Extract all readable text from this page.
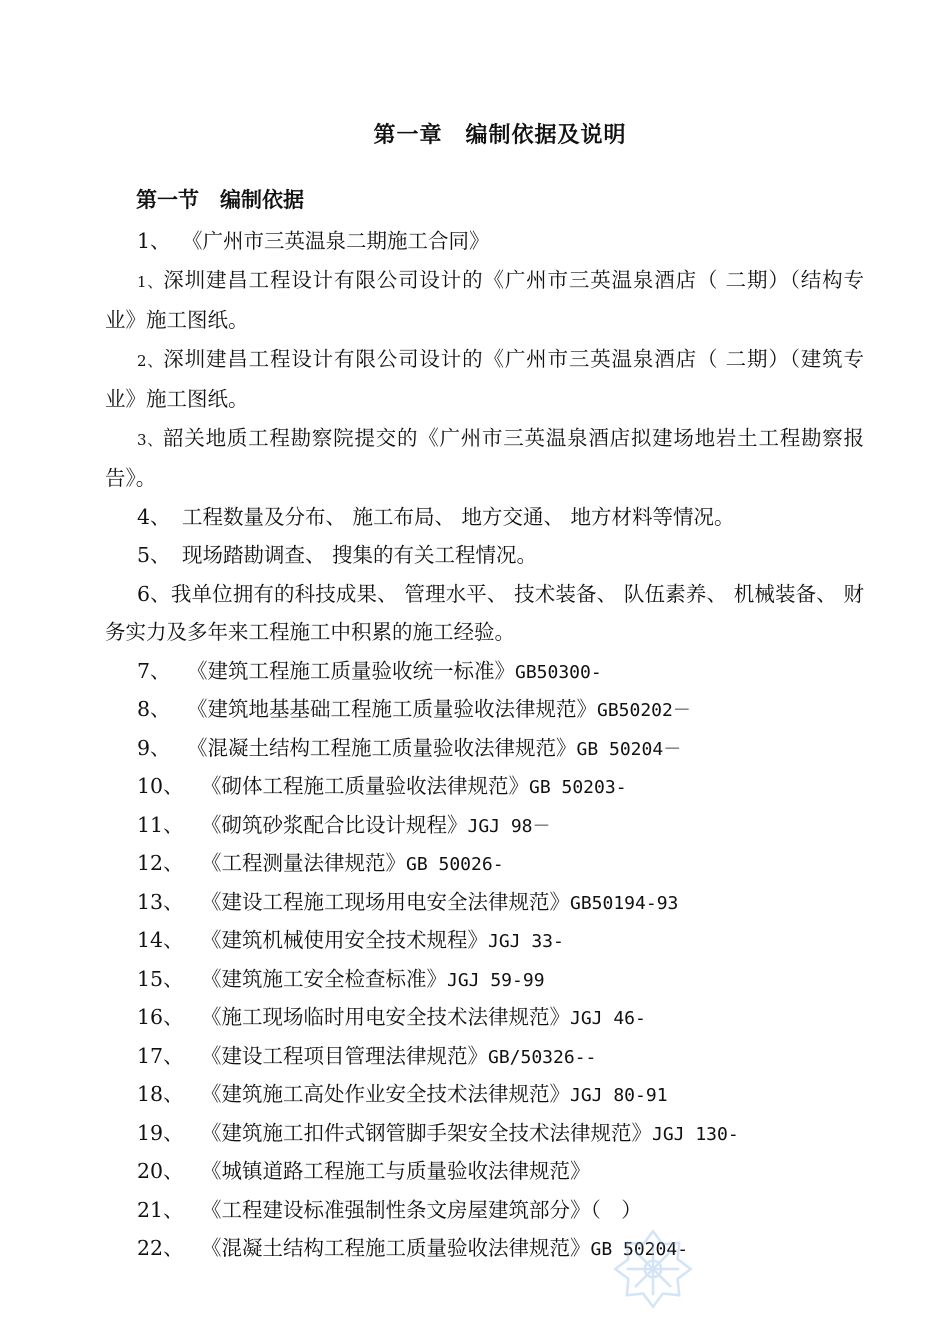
第一章　编制依据及说明
第一节　编制依据
1、 《广州市三英温泉二期施工合同》
1、深圳建昌工程设计有限公司设计的《广州市三英温泉酒店（ 二期）（结构专业》施工图纸。
2、深圳建昌工程设计有限公司设计的《广州市三英温泉酒店（ 二期）（建筑专业》施工图纸。
3、韶关地质工程勘察院提交的《广州市三英温泉酒店拟建场地岩土工程勘察报告》。
4、 工程数量及分布、 施工布局、 地方交通、 地方材料等情况。
5、 现场踏勘调查、 搜集的有关工程情况。
6、我单位拥有的科技成果、 管理水平、 技术装备、 队伍素养、 机械装备、 财务实力及多年来工程施工中积累的施工经验。
7、 《建筑工程施工质量验收统一标准》 GB50300-
8、 《建筑地基基础工程施工质量验收法律规范》 GB50202－
9、 《混凝土结构工程施工质量验收法律规范》 GB 50204－
10、 《砌体工程施工质量验收法律规范》 GB 50203-
11、 《砌筑砂浆配合比设计规程》 JGJ 98－
12、 《工程测量法律规范》 GB 50026-
13、 《建设工程施工现场用电安全法律规范》 GB50194-93
14、 《建筑机械使用安全技术规程》 JGJ 33-
15、 《建筑施工安全检查标准》 JGJ 59-99
16、 《施工现场临时用电安全技术法律规范》 JGJ 46-
17、 《建设工程项目管理法律规范》 GB/50326--
18、 《建筑施工高处作业安全技术法律规范》 JGJ 80-91
19、 《建筑施工扣件式钢管脚手架安全技术法律规范》 JGJ 130-
20、 《城镇道路工程施工与质量验收法律规范》
21、 《工程建设标准强制性条文房屋建筑部分》（　）
22、 《混凝土结构工程施工质量验收法律规范》 GB 50204-
